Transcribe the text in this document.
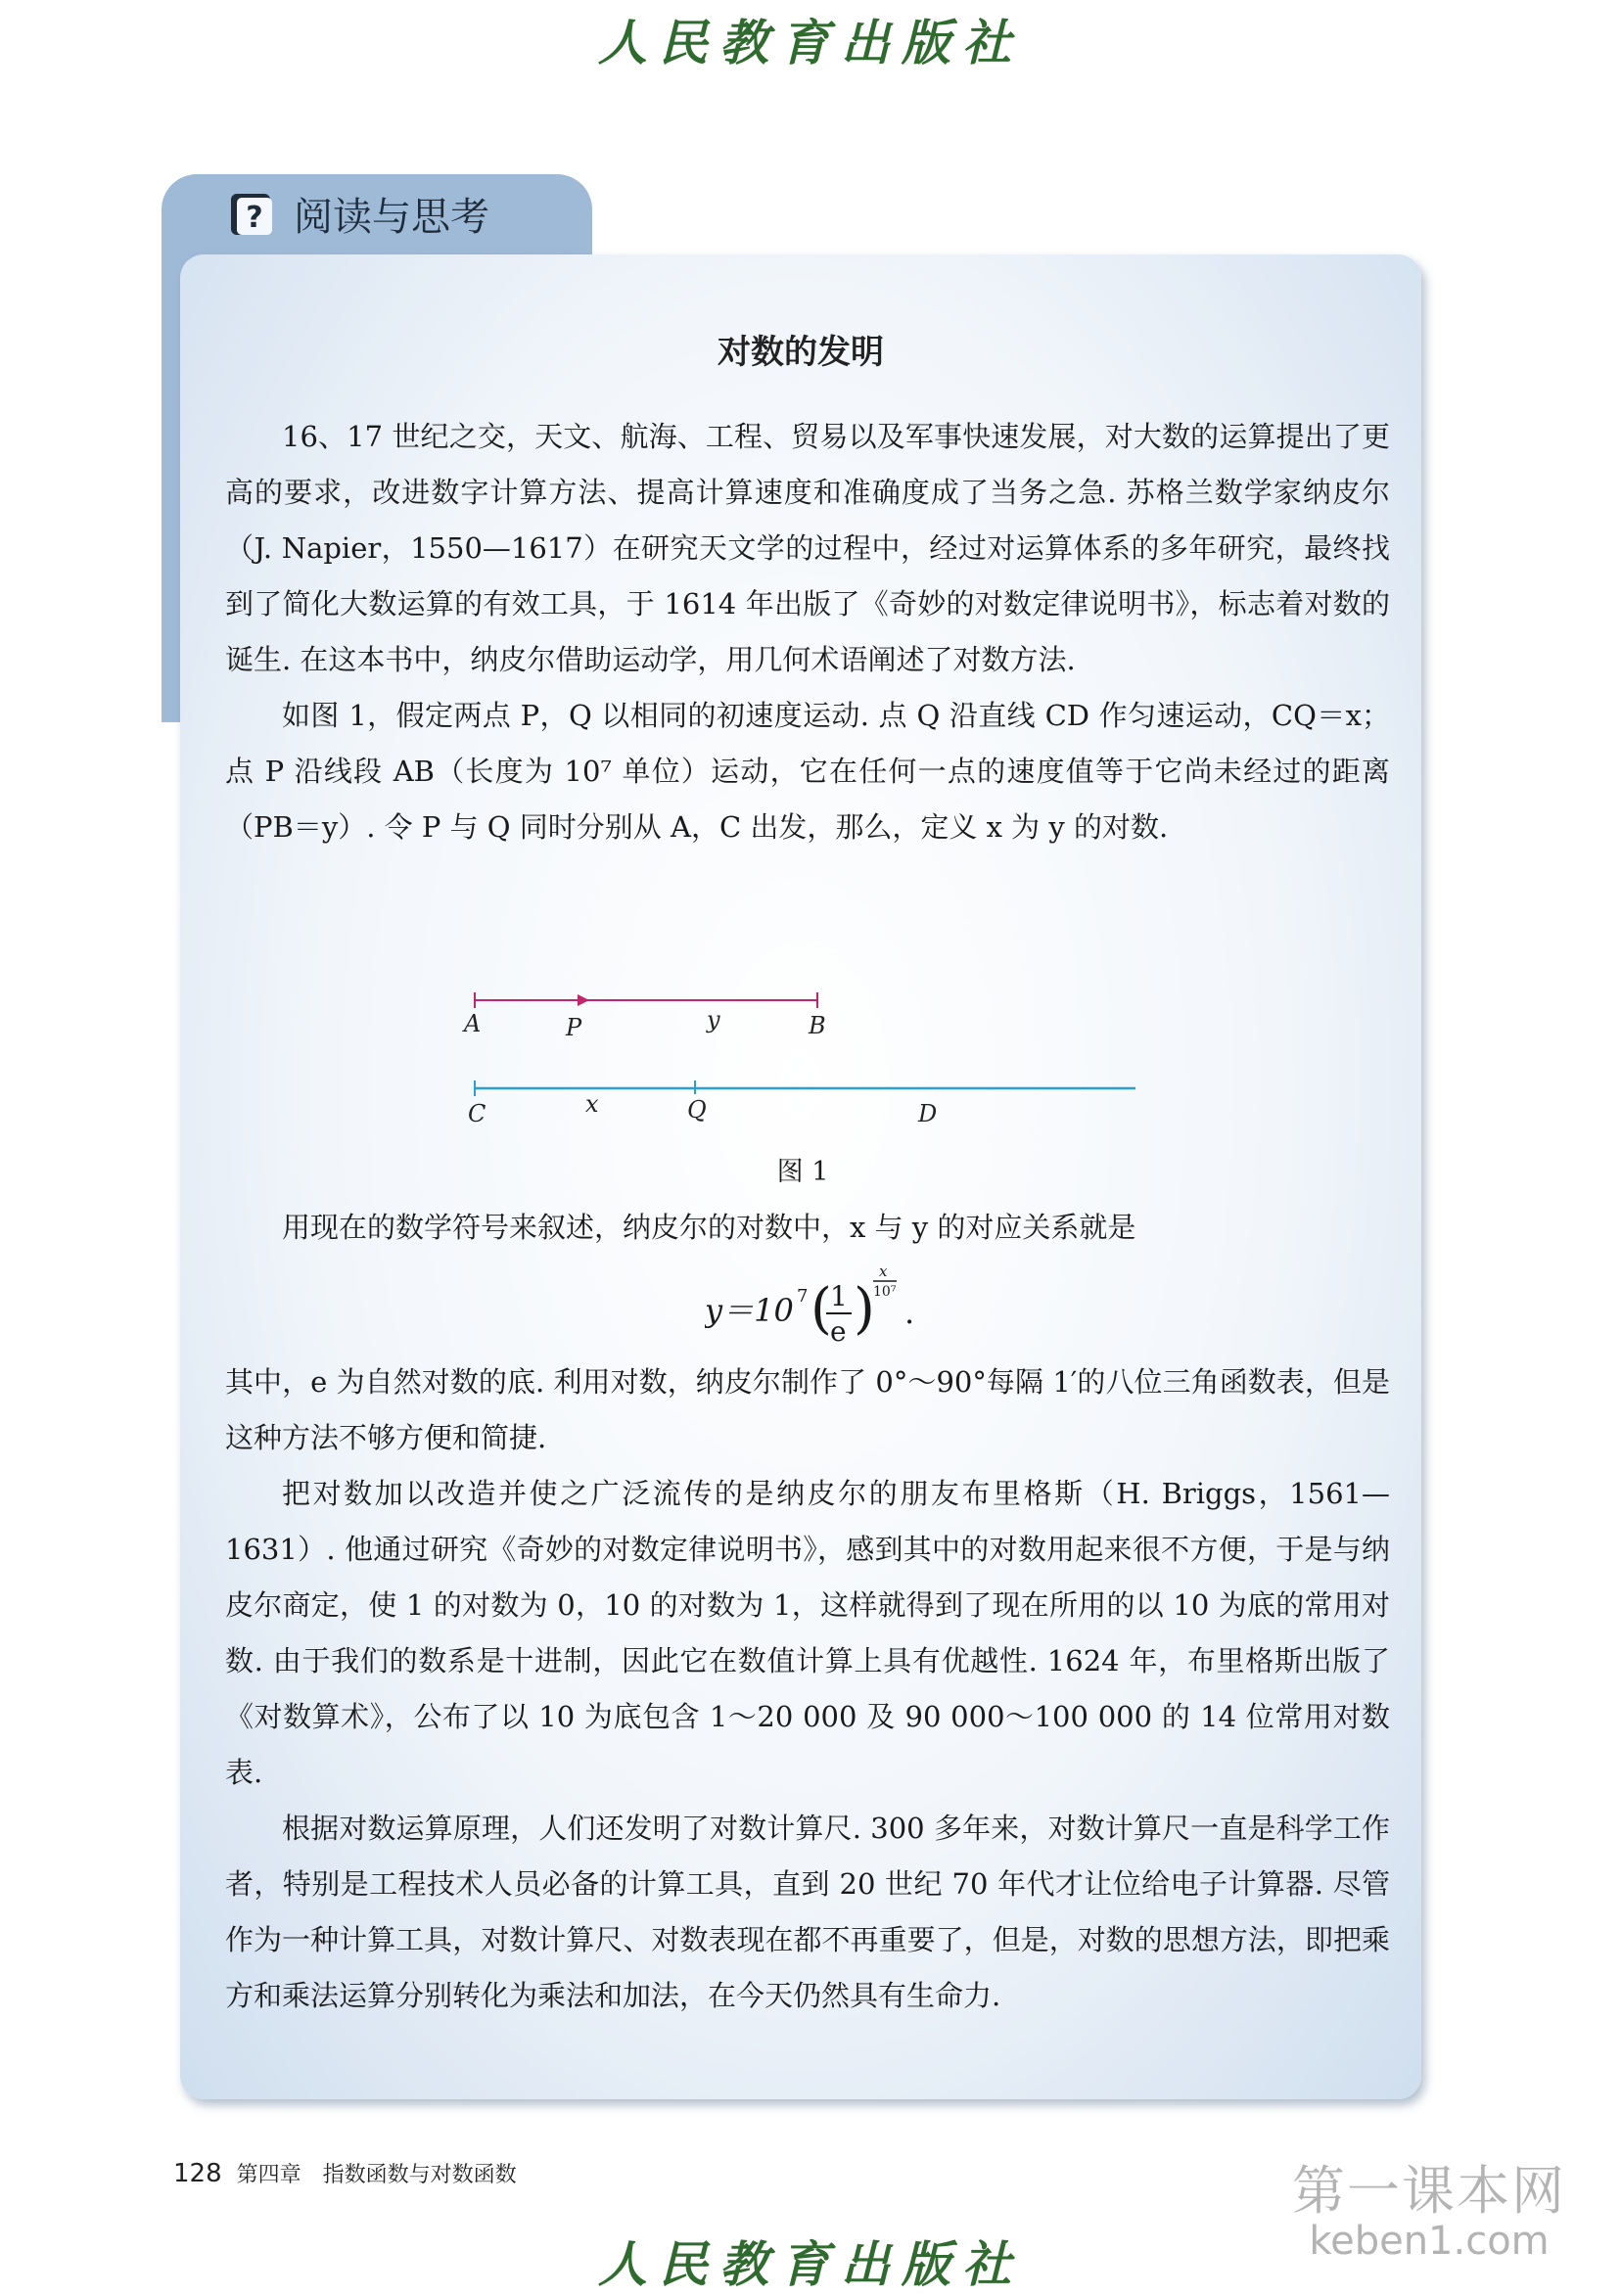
人民教育出版社
? 阅读与思考
对数的发明

16、17 世纪之交，天文、航海、工程、贸易以及军事快速发展，对大数的运算提出了更高的要求，改进数字计算方法、提高计算速度和准确度成了当务之急. 苏格兰数学家纳皮尔（J. Napier，1550—1617）在研究天文学的过程中，经过对运算体系的多年研究，最终找到了简化大数运算的有效工具，于 1614 年出版了《奇妙的对数定律说明书》，标志着对数的诞生. 在这本书中，纳皮尔借助运动学，用几何术语阐述了对数方法.

如图 1，假定两点 P，Q 以相同的初速度运动. 点 Q 沿直线 CD 作匀速运动，CQ＝x；点 P 沿线段 AB（长度为 10⁷ 单位）运动，它在任何一点的速度值等于它尚未经过的距离（PB＝y）. 令 P 与 Q 同时分别从 A，C 出发，那么，定义 x 为 y 的对数.

A	P	y	B
C	x	Q	D
图 1

用现在的数学符号来叙述，纳皮尔的对数中，x 与 y 的对应关系就是

y＝10 7 (
1
e )
x
10⁷
.

其中，e 为自然对数的底. 利用对数，纳皮尔制作了 0°～90°每隔 1′的八位三角函数表，但是这种方法不够方便和简捷.

把对数加以改造并使之广泛流传的是纳皮尔的朋友布里格斯（H. Briggs，1561—1631）. 他通过研究《奇妙的对数定律说明书》，感到其中的对数用起来很不方便，于是与纳皮尔商定，使 1 的对数为 0，10 的对数为 1，这样就得到了现在所用的以 10 为底的常用对数. 由于我们的数系是十进制，因此它在数值计算上具有优越性. 1624 年，布里格斯出版了《对数算术》，公布了以 10 为底包含 1～20 000 及 90 000～100 000 的 14 位常用对数表.

根据对数运算原理，人们还发明了对数计算尺. 300 多年来，对数计算尺一直是科学工作者，特别是工程技术人员必备的计算工具，直到 20 世纪 70 年代才让位给电子计算器. 尽管作为一种计算工具，对数计算尺、对数表现在都不再重要了，但是，对数的思想方法，即把乘方和乘法运算分别转化为乘法和加法，在今天仍然具有生命力.

128 第四章　指数函数与对数函数	第一课本网
keben1.com
人民教育出版社
